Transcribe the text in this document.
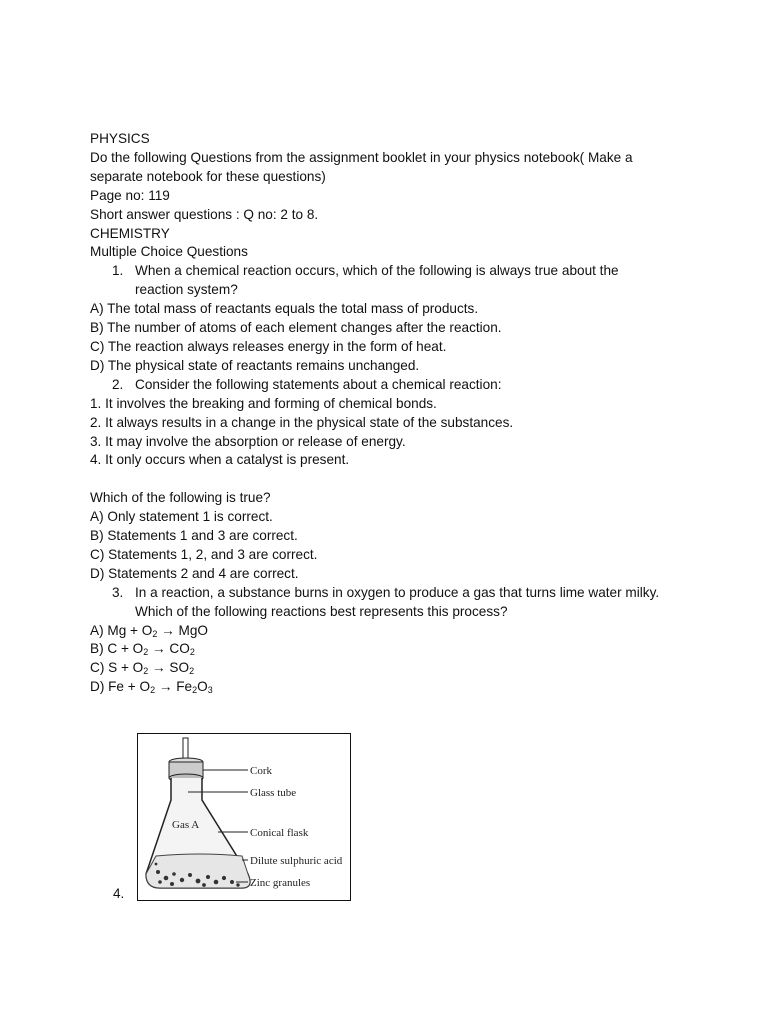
PHYSICS
Do the following Questions from the assignment booklet in your physics notebook( Make a
separate notebook for these questions)
Page no: 119
Short answer questions : Q no: 2 to 8.
CHEMISTRY
Multiple Choice Questions
1. When a chemical reaction occurs, which of the following is always true about the
reaction system?
A) The total mass of reactants equals the total mass of products.
B) The number of atoms of each element changes after the reaction.
C) The reaction always releases energy in the form of heat.
D) The physical state of reactants remains unchanged.
2. Consider the following statements about a chemical reaction:
1. It involves the breaking and forming of chemical bonds.
2. It always results in a change in the physical state of the substances.
3. It may involve the absorption or release of energy.
4. It only occurs when a catalyst is present.
Which of the following is true?
A) Only statement 1 is correct.
B) Statements 1 and 3 are correct.
C) Statements 1, 2, and 3 are correct.
D) Statements 2 and 4 are correct.
3. In a reaction, a substance burns in oxygen to produce a gas that turns lime water milky.
Which of the following reactions best represents this process?
A) $Mg + O_2$ → MgO
B) $C + O_2 \to CO_2$
C) $S + O_2 \to SO_2$
D) $Fe + O_2 \to Fe_2O_3$
4.
Gas A
Cork
Glass tube
Conical flask
Dilute sulphuric acid
Zinc granules
